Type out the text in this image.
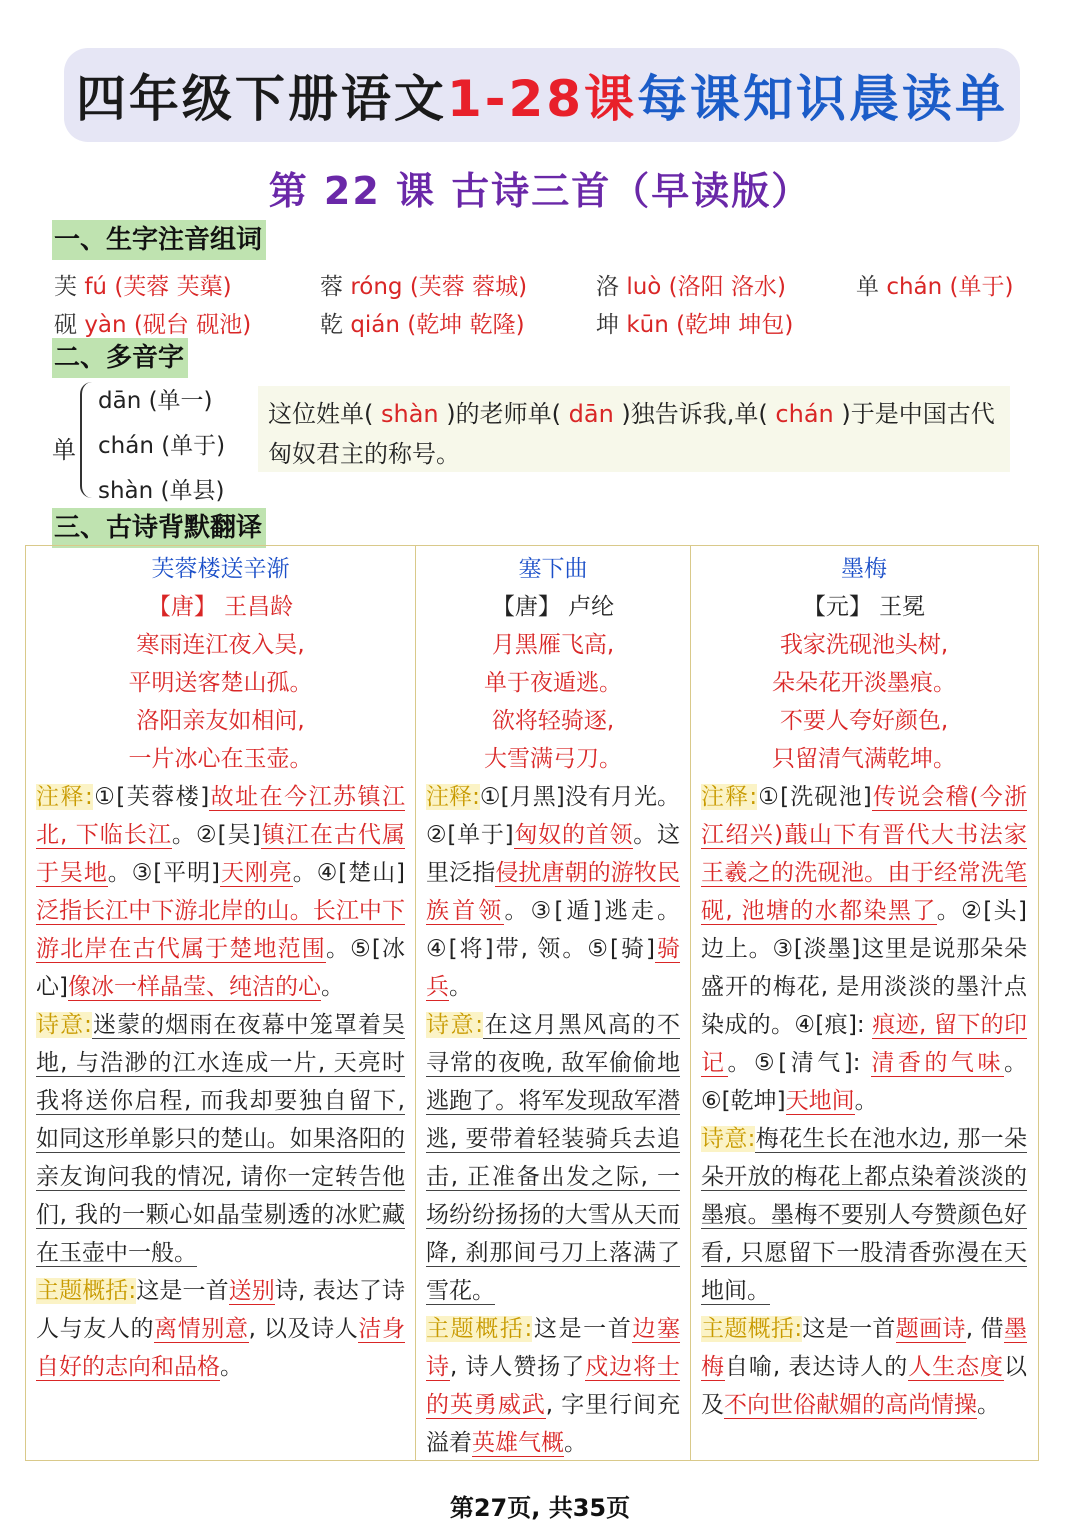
四年级下册语文 1-28课 每课知识晨读单
第 22 课 古诗三首（早读版）
一、生字注音组词
芙 fú (芙蓉 芙蕖)	蓉 róng (芙蓉 蓉城)	洛 luò (洛阳 洛水)	单 chán (单于)
砚 yàn (砚台 砚池)	乾 qián (乾坤 乾隆)	坤 kūn (乾坤 坤包)
二、多音字
单
dān (单一)
chán (单于)
shàn (单县)
这位姓单( shàn )的老师单( dān )独告诉我,单( chán )于是中国古代匈奴君主的称号。
三、古诗背默翻译
芙蓉楼送辛渐
【唐】 王昌龄
寒雨连江夜入吴,
平明送客楚山孤。
洛阳亲友如相问,
一片冰心在玉壶。
注释:①[芙蓉楼]故址在今江苏镇江北, 下临长江。②[吴]镇江在古代属于吴地。③[平明]天刚亮。④[楚山]泛指长江中下游北岸的山。长江中下游北岸在古代属于楚地范围。⑤[冰心]像冰一样晶莹、纯洁的心。
诗意:迷蒙的烟雨在夜幕中笼罩着吴地, 与浩渺的江水连成一片, 天亮时我将送你启程, 而我却要独自留下, 如同这形单影只的楚山。如果洛阳的亲友询问我的情况, 请你一定转告他们, 我的一颗心如晶莹剔透的冰贮藏在玉壶中一般。
主题概括:这是一首送别诗, 表达了诗人与友人的离情别意, 以及诗人洁身自好的志向和品格。
塞下曲
【唐】 卢纶
月黑雁飞高,
单于夜遁逃。
欲将轻骑逐,
大雪满弓刀。
注释:①[月黑]没有月光。②[单于]匈奴的首领。这里泛指侵扰唐朝的游牧民族首领。③[遁]逃走。④[将]带, 领。⑤[骑]骑兵。
诗意:在这月黑风高的不寻常的夜晚, 敌军偷偷地逃跑了。将军发现敌军潜逃, 要带着轻装骑兵去追击, 正准备出发之际, 一场纷纷扬扬的大雪从天而降, 刹那间弓刀上落满了雪花。
主题概括:这是一首边塞诗, 诗人赞扬了戍边将士的英勇威武, 字里行间充溢着英雄气概。
墨梅
【元】 王冕
我家洗砚池头树,
朵朵花开淡墨痕。
不要人夸好颜色,
只留清气满乾坤。
注释:①[洗砚池]传说会稽(今浙江绍兴)蕺山下有晋代大书法家王羲之的洗砚池。由于经常洗笔砚, 池塘的水都染黑了。②[头]边上。③[淡墨]这里是说那朵朵盛开的梅花, 是用淡淡的墨汁点染成的。④[痕]: 痕迹, 留下的印记。⑤[清气]: 清香的气味。⑥[乾坤]天地间。
诗意:梅花生长在池水边, 那一朵朵开放的梅花上都点染着淡淡的墨痕。墨梅不要别人夸赞颜色好看, 只愿留下一股清香弥漫在天地间。
主题概括:这是一首题画诗, 借墨梅自喻, 表达诗人的人生态度以及不向世俗献媚的高尚情操。
第27页, 共35页
